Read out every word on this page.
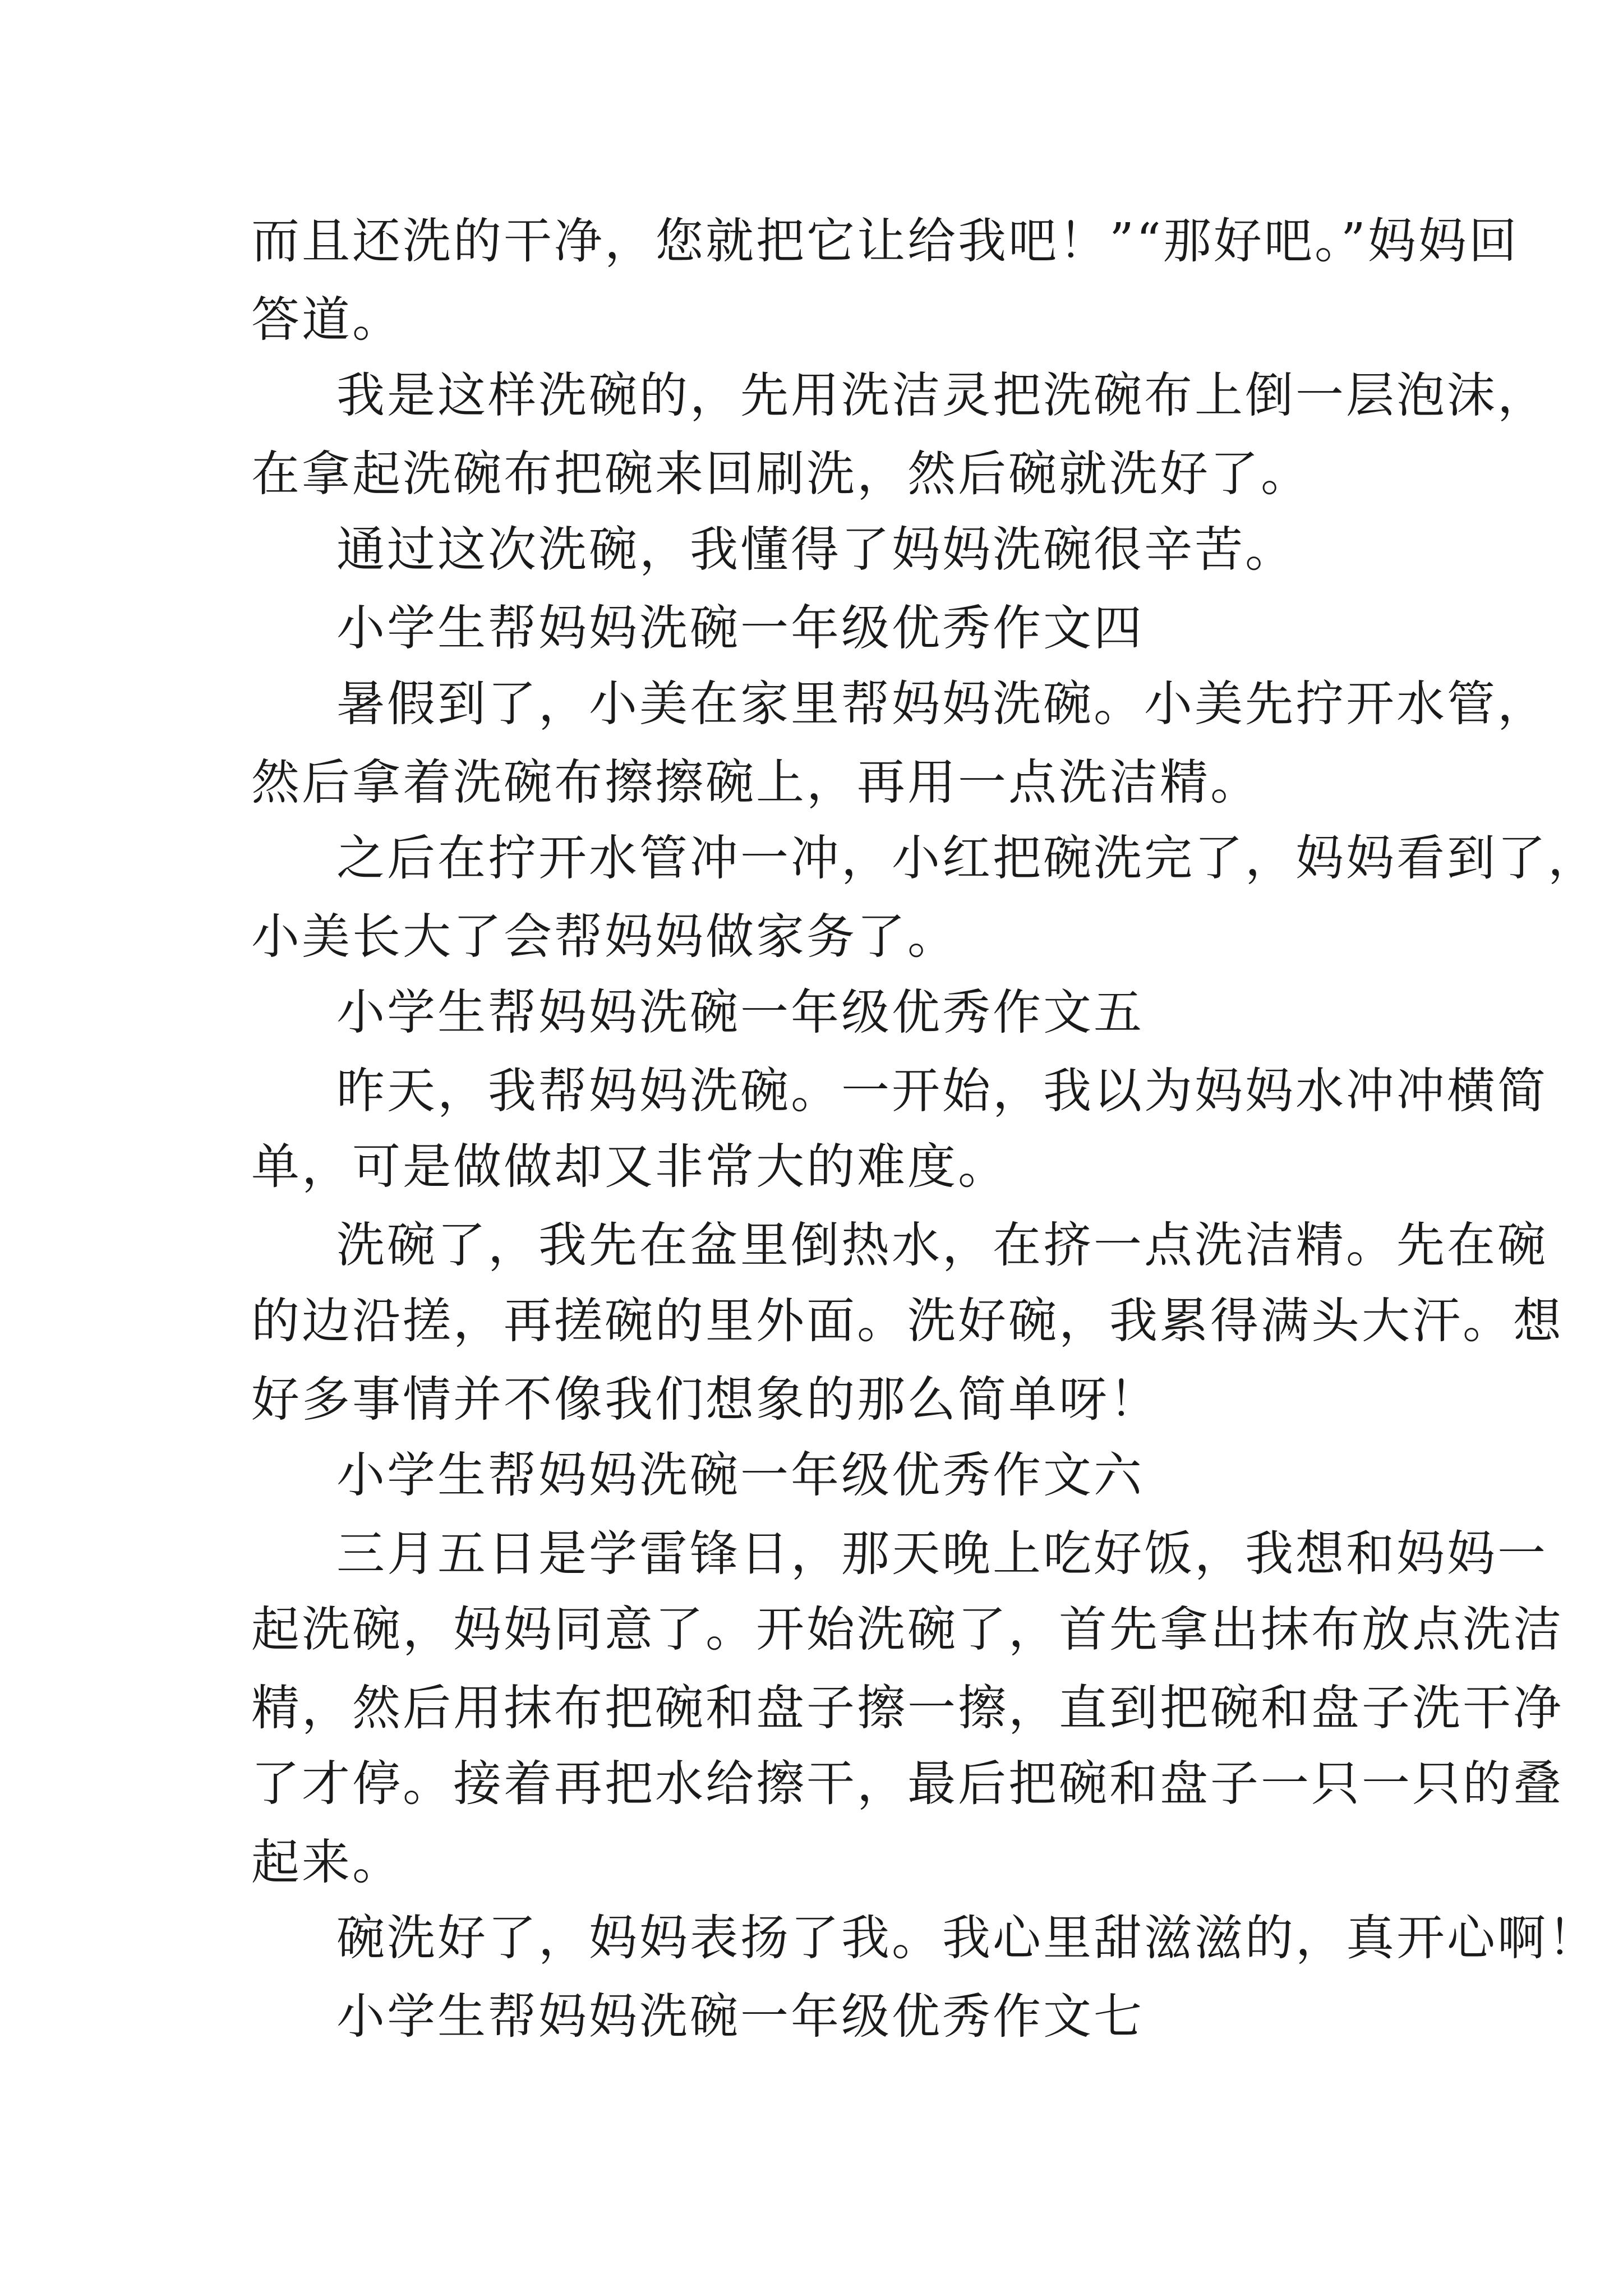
而且还洗的干净，您就把它让给我吧！”“那好吧。”妈妈回
答道。
我是这样洗碗的，先用洗洁灵把洗碗布上倒一层泡沫，
在拿起洗碗布把碗来回刷洗，然后碗就洗好了。
通过这次洗碗，我懂得了妈妈洗碗很辛苦。
小学生帮妈妈洗碗一年级优秀作文四
暑假到了，小美在家里帮妈妈洗碗。小美先拧开水管，
然后拿着洗碗布擦擦碗上，再用一点洗洁精。
之后在拧开水管冲一冲，小红把碗洗完了，妈妈看到了，
小美长大了会帮妈妈做家务了。
小学生帮妈妈洗碗一年级优秀作文五
昨天，我帮妈妈洗碗。一开始，我以为妈妈水冲冲横简
单，可是做做却又非常大的难度。
洗碗了，我先在盆里倒热水，在挤一点洗洁精。先在碗
的边沿搓，再搓碗的里外面。洗好碗，我累得满头大汗。想
好多事情并不像我们想象的那么简单呀！
小学生帮妈妈洗碗一年级优秀作文六
三月五日是学雷锋日，那天晚上吃好饭，我想和妈妈一
起洗碗，妈妈同意了。开始洗碗了，首先拿出抹布放点洗洁
精，然后用抹布把碗和盘子擦一擦，直到把碗和盘子洗干净
了才停。接着再把水给擦干，最后把碗和盘子一只一只的叠
起来。
碗洗好了，妈妈表扬了我。我心里甜滋滋的，真开心啊！
小学生帮妈妈洗碗一年级优秀作文七
